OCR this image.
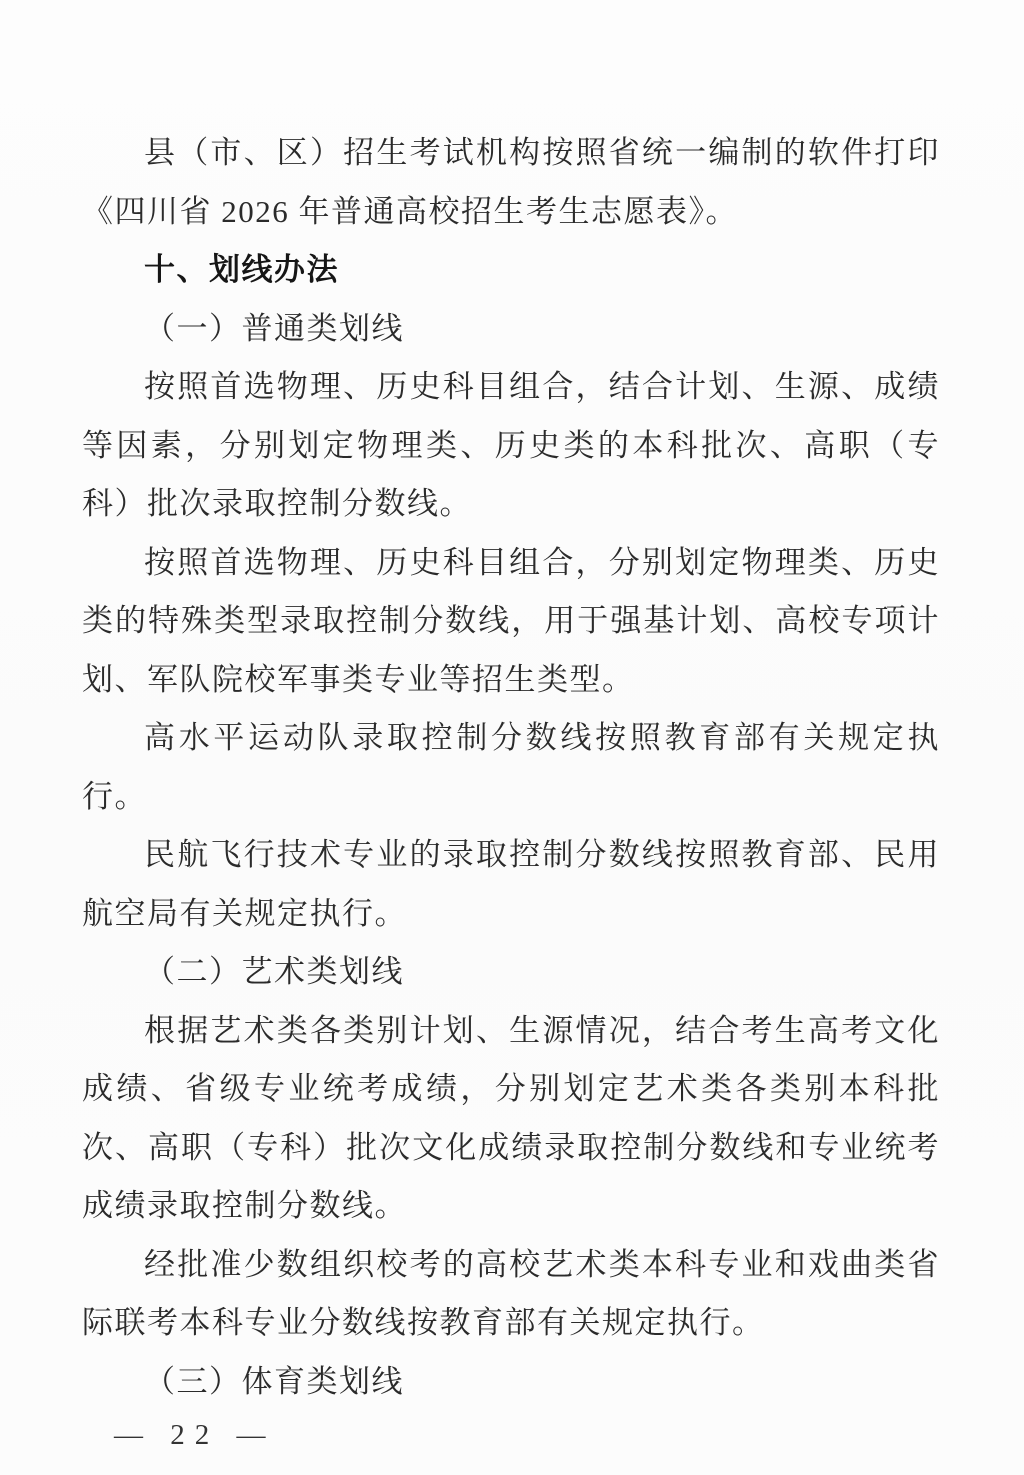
县（市、区）招生考试机构按照省统一编制的软件打印《四川省 2026 年普通高校招生考生志愿表》。

十、划线办法

（一）普通类划线

按照首选物理、历史科目组合，结合计划、生源、成绩等因素，分别划定物理类、历史类的本科批次、高职（专科）批次录取控制分数线。

按照首选物理、历史科目组合，分别划定物理类、历史类的特殊类型录取控制分数线，用于强基计划、高校专项计划、军队院校军事类专业等招生类型。

高水平运动队录取控制分数线按照教育部有关规定执行。

民航飞行技术专业的录取控制分数线按照教育部、民用航空局有关规定执行。

（二）艺术类划线

根据艺术类各类别计划、生源情况，结合考生高考文化成绩、省级专业统考成绩，分别划定艺术类各类别本科批次、高职（专科）批次文化成绩录取控制分数线和专业统考成绩录取控制分数线。

经批准少数组织校考的高校艺术类本科专业和戏曲类省际联考本科专业分数线按教育部有关规定执行。

（三）体育类划线

— 22 —
